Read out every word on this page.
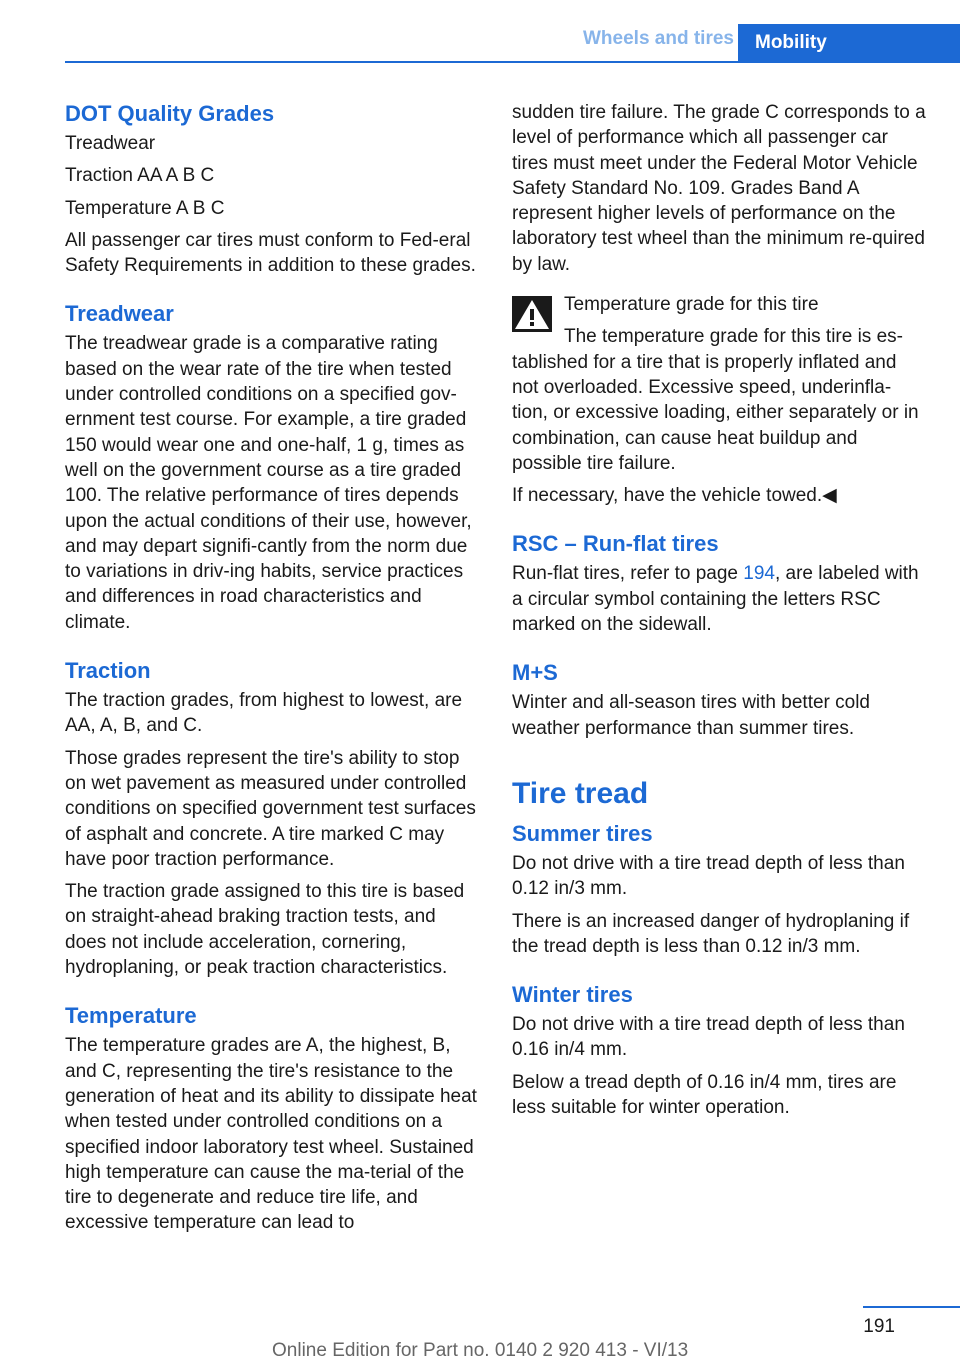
Wheels and tires	Mobility
DOT Quality Grades

Treadwear

Traction AA A B C

Temperature A B C

All passenger car tires must conform to Fed-eral Safety Requirements in addition to these grades.

Treadwear

The treadwear grade is a comparative rating based on the wear rate of the tire when tested under controlled conditions on a specified gov-ernment test course. For example, a tire graded 150 would wear one and one-half, 1 g, times as well on the government course as a tire graded 100. The relative performance of tires depends upon the actual conditions of their use, however, and may depart signifi-cantly from the norm due to variations in driv-ing habits, service practices and differences in road characteristics and climate.

Traction

The traction grades, from highest to lowest, are AA, A, B, and C.

Those grades represent the tire's ability to stop on wet pavement as measured under controlled conditions on specified government test surfaces of asphalt and concrete. A tire marked C may have poor traction performance.

The traction grade assigned to this tire is based on straight-ahead braking traction tests, and does not include acceleration, cornering, hydroplaning, or peak traction characteristics.

Temperature

The temperature grades are A, the highest, B, and C, representing the tire's resistance to the generation of heat and its ability to dissipate heat when tested under controlled conditions on a specified indoor laboratory test wheel. Sustained high temperature can cause the ma-terial of the tire to degenerate and reduce tire life, and excessive temperature can lead to

sudden tire failure. The grade C corresponds to a level of performance which all passenger car tires must meet under the Federal Motor Vehicle Safety Standard No. 109. Grades Band A represent higher levels of performance on the laboratory test wheel than the minimum re-quired by law.

Temperature grade for this tire

The temperature grade for this tire is es-tablished for a tire that is properly inflated and not overloaded. Excessive speed, underinfla-tion, or excessive loading, either separately or in combination, can cause heat buildup and possible tire failure.

If necessary, have the vehicle towed.◀

RSC – Run-flat tires

Run-flat tires, refer to page 194, are labeled with a circular symbol containing the letters RSC marked on the sidewall.

M+S

Winter and all-season tires with better cold weather performance than summer tires.

Tire tread
Summer tires

Do not drive with a tire tread depth of less than 0.12 in/3 mm.

There is an increased danger of hydroplaning if the tread depth is less than 0.12 in/3 mm.

Winter tires

Do not drive with a tire tread depth of less than 0.16 in/4 mm.

Below a tread depth of 0.16 in/4 mm, tires are less suitable for winter operation.

191
Online Edition for Part no. 0140 2 920 413 - VI/13
